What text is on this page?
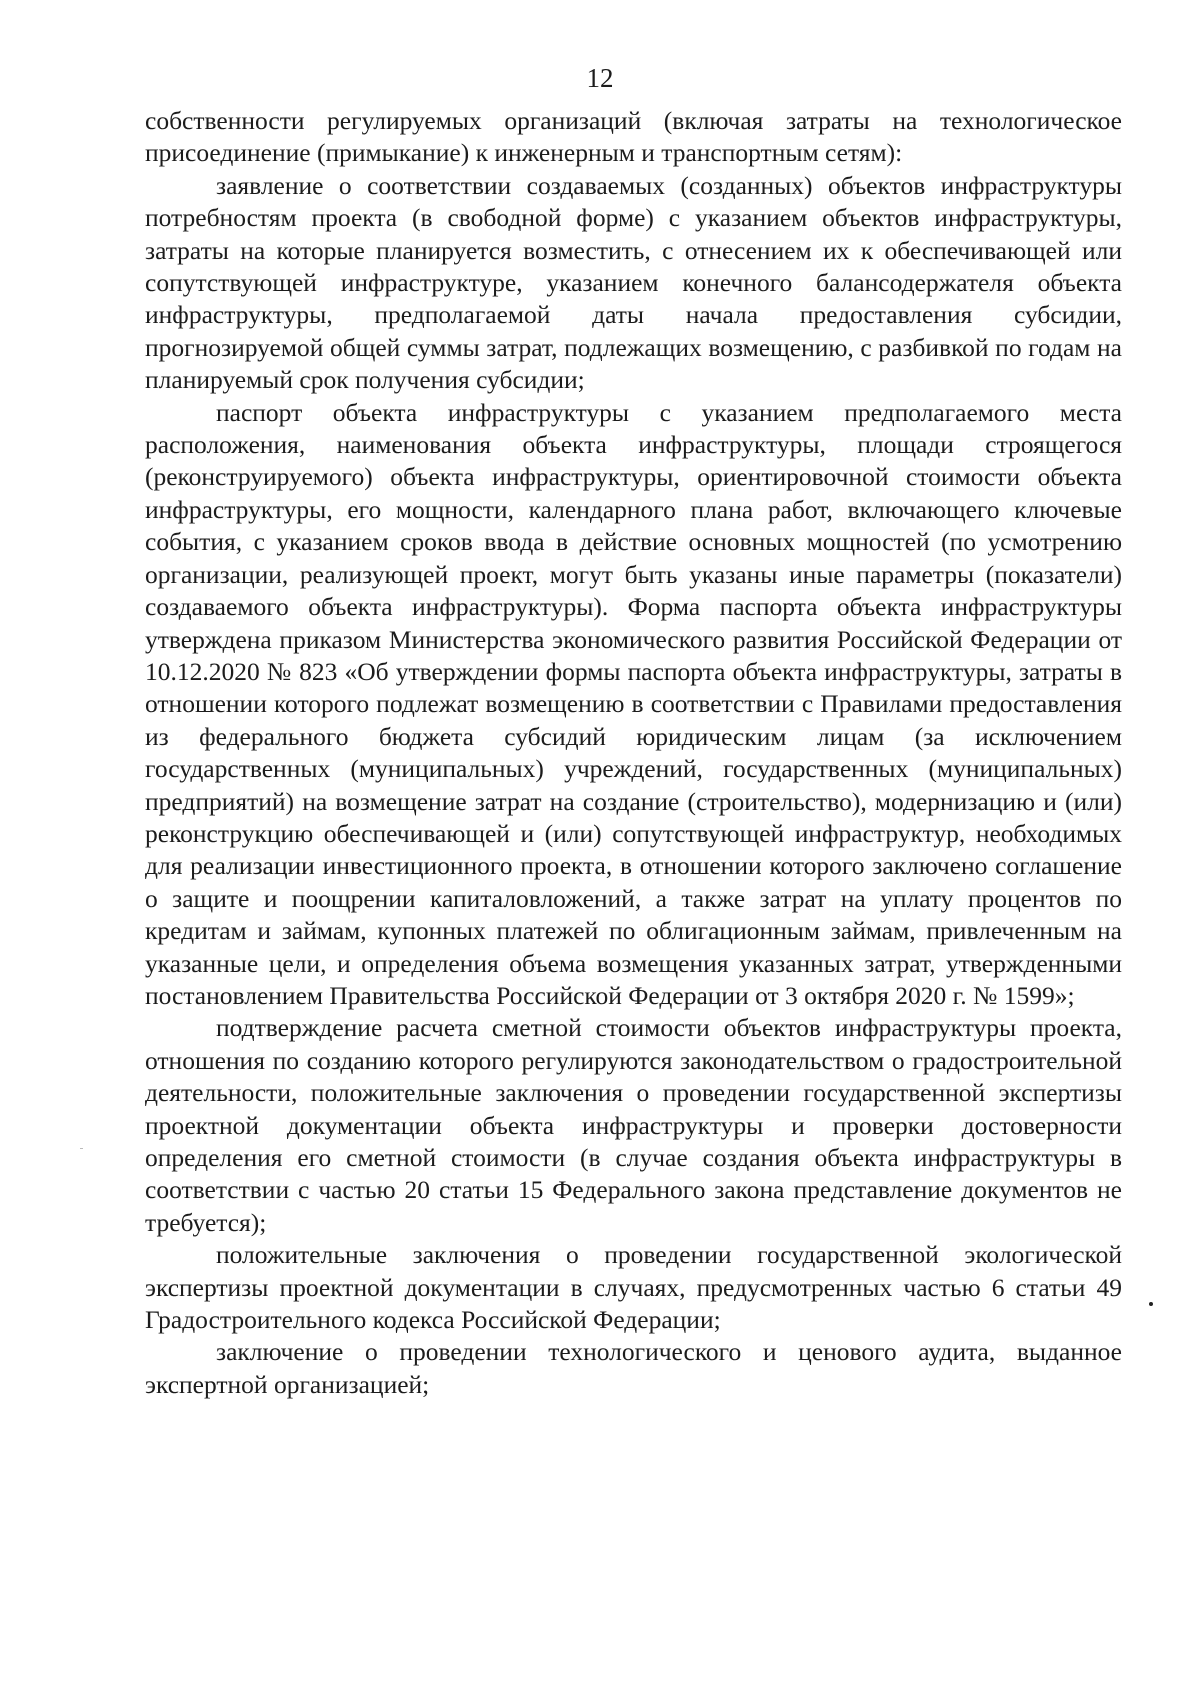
12

собственности регулируемых организаций (включая затраты на технологическое присоединение (примыкание) к инженерным и транспортным сетям):

заявление о соответствии создаваемых (созданных) объектов инфраструктуры потребностям проекта (в свободной форме) с указанием объектов инфраструктуры, затраты на которые планируется возместить, с отнесением их к обеспечивающей или сопутствующей инфраструктуре, указанием конечного балансодержателя объекта инфраструктуры, предполагаемой даты начала предоставления субсидии, прогнозируемой общей суммы затрат, подлежащих возмещению, с разбивкой по годам на планируемый срок получения субсидии;

паспорт объекта инфраструктуры с указанием предполагаемого места расположения, наименования объекта инфраструктуры, площади строящегося (реконструируемого) объекта инфраструктуры, ориентировочной стоимости объекта инфраструктуры, его мощности, календарного плана работ, включающего ключевые события, с указанием сроков ввода в действие основных мощностей (по усмотрению организации, реализующей проект, могут быть указаны иные параметры (показатели) создаваемого объекта инфраструктуры). Форма паспорта объекта инфраструктуры утверждена приказом Министерства экономического развития Российской Федерации от 10.12.2020 № 823 «Об утверждении формы паспорта объекта инфраструктуры, затраты в отношении которого подлежат возмещению в соответствии с Правилами предоставления из федерального бюджета субсидий юридическим лицам (за исключением государственных (муниципальных) учреждений, государственных (муниципальных) предприятий) на возмещение затрат на создание (строительство), модернизацию и (или) реконструкцию обеспечивающей и (или) сопутствующей инфраструктур, необходимых для реализации инвестиционного проекта, в отношении которого заключено соглашение о защите и поощрении капиталовложений, а также затрат на уплату процентов по кредитам и займам, купонных платежей по облигационным займам, привлеченным на указанные цели, и определения объема возмещения указанных затрат, утвержденными постановлением Правительства Российской Федерации от 3 октября 2020 г. № 1599»;

подтверждение расчета сметной стоимости объектов инфраструктуры проекта, отношения по созданию которого регулируются законодательством о градостроительной деятельности, положительные заключения о проведении государственной экспертизы проектной документации объекта инфраструктуры и проверки достоверности определения его сметной стоимости (в случае создания объекта инфраструктуры в соответствии с частью 20 статьи 15 Федерального закона представление документов не требуется);

положительные заключения о проведении государственной экологической экспертизы проектной документации в случаях, предусмотренных частью 6 статьи 49 Градостроительного кодекса Российской Федерации;

заключение о проведении технологического и ценового аудита, выданное экспертной организацией;
